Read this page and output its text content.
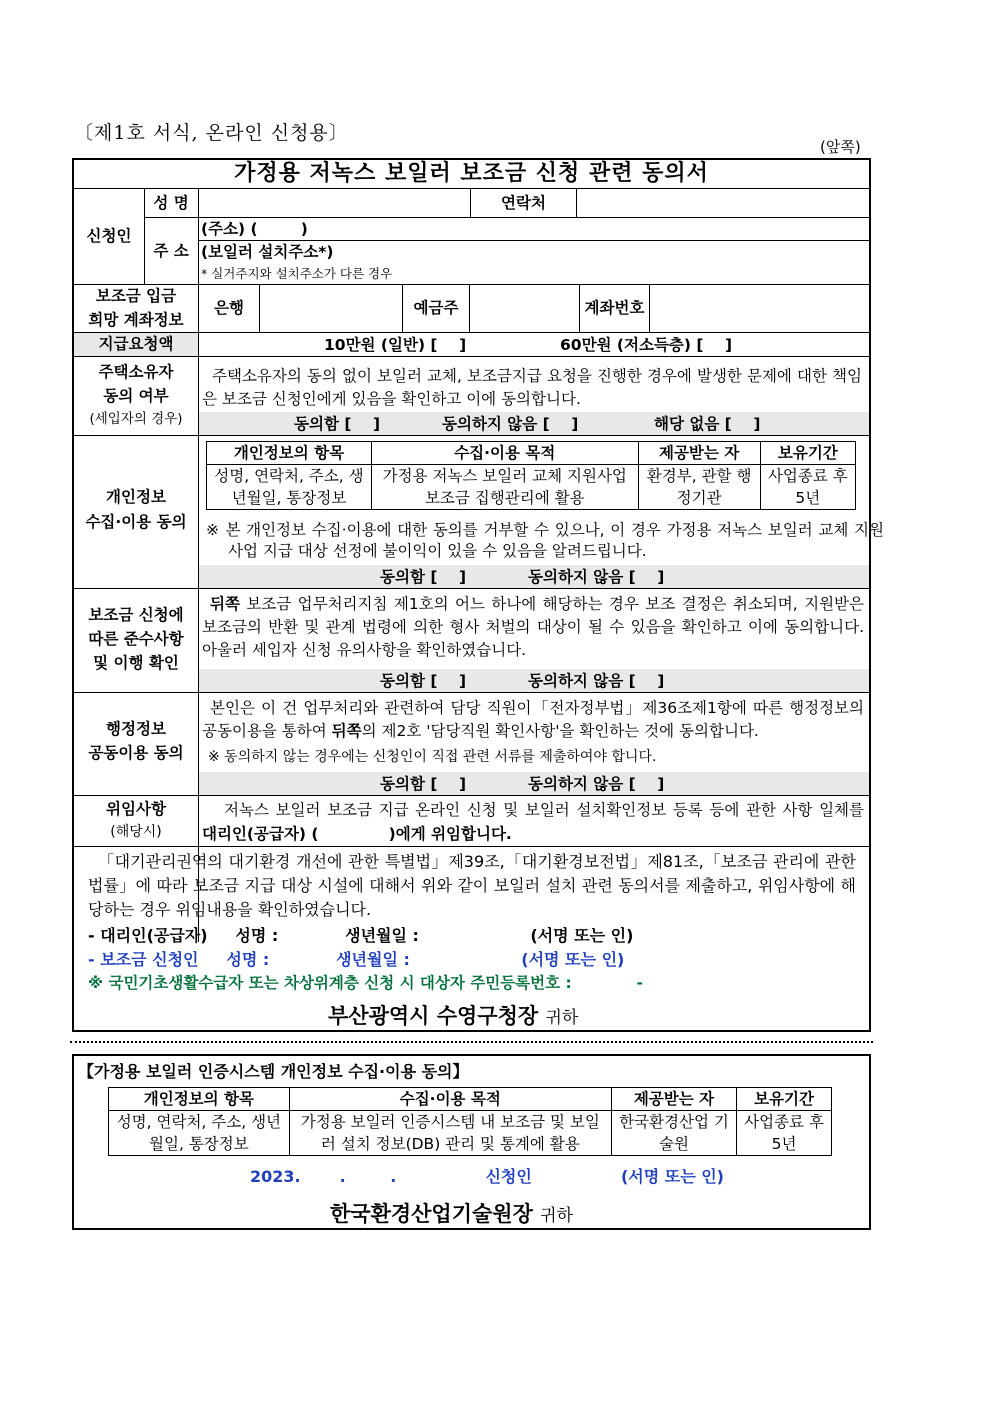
〔제1호 서식, 온라인 신청용〕
(앞쪽)
가정용 저녹스 보일러 보조금 신청 관련 동의서
신청인
성 명	연락처
주 소
(주소) (        )
(보일러 설치주소*)
* 실거주지와 설치주소가 다른 경우
보조금 입금
희망 계좌정보
은행	예금주	계좌번호
지급요청액	10만원 (일반) [    ]	60만원 (저소득층) [    ]
주택소유자
동의 여부
(세입자의 경우)
주택소유자의 동의 없이 보일러 교체, 보조금지급 요청을 진행한 경우에 발생한 문제에 대한 책임은 보조금 신청인에게 있음을 확인하고 이에 동의합니다.
동의함 [    ]	동의하지 않음 [    ]	해당 없음 [    ]
개인정보
수집·이용 동의
개인정보의 항목	수집·이용 목적	제공받는 자	보유기간
성명, 연락처, 주소, 생년월일, 통장정보	가정용 저녹스 보일러 교체 지원사업 보조금 집행관리에 활용	환경부, 관할 행정기관	사업종료 후 5년
※ 본 개인정보 수집·이용에 대한 동의를 거부할 수 있으나, 이 경우 가정용 저녹스 보일러 교체 지원사업 지급 대상 선정에 불이익이 있을 수 있음을 알려드립니다.
동의함 [    ]	동의하지 않음 [    ]
보조금 신청에
따른 준수사항
및 이행 확인
뒤쪽 보조금 업무처리지침 제1호의 어느 하나에 해당하는 경우 보조 결정은 취소되며, 지원받은 보조금의 반환 및 관계 법령에 의한 형사 처벌의 대상이 될 수 있음을 확인하고 이에 동의합니다. 아울러 세입자 신청 유의사항을 확인하였습니다.
동의함 [    ]	동의하지 않음 [    ]
행정정보
공동이용 동의
본인은 이 건 업무처리와 관련하여 담당 직원이「전자정부법」제36조제1항에 따른 행정정보의 공동이용을 통하여 뒤쪽의 제2호 '담당직원 확인사항'을 확인하는 것에 동의합니다.
※ 동의하지 않는 경우에는 신청인이 직접 관련 서류를 제출하여야 합니다.
동의함 [    ]	동의하지 않음 [    ]
위임사항
(해당시)
저녹스 보일러 보조금 지급 온라인 신청 및 보일러 설치확인정보 등록 등에 관한 사항 일체를 대리인(공급자) (             )에게 위임합니다.
「대기관리권역의 대기환경 개선에 관한 특별법」제39조,「대기환경보전법」제81조,「보조금 관리에 관한 법률」에 따라 보조금 지급 대상 시설에 대해서 위와 같이 보일러 설치 관련 동의서를 제출하고, 위임사항에 해당하는 경우 위임내용을 확인하였습니다.
- 대리인(공급자)     성명 :            생년월일 :                    (서명 또는 인)
- 보조금 신청인     성명 :            생년월일 :                    (서명 또는 인)
※ 국민기초생활수급자 또는 차상위계층 신청 시 대상자 주민등록번호 :            -
부산광역시 수영구청장 귀하
【가정용 보일러 인증시스템 개인정보 수집·이용 동의】
개인정보의 항목	수집·이용 목적	제공받는 자	보유기간
성명, 연락처, 주소, 생년월일, 통장정보	가정용 보일러 인증시스템 내 보조금 및 보일러 설치 정보(DB) 관리 및 통계에 활용	한국환경산업 기술원	사업종료 후 5년
2023.       .        .                신청인                (서명 또는 인)
한국환경산업기술원장 귀하
